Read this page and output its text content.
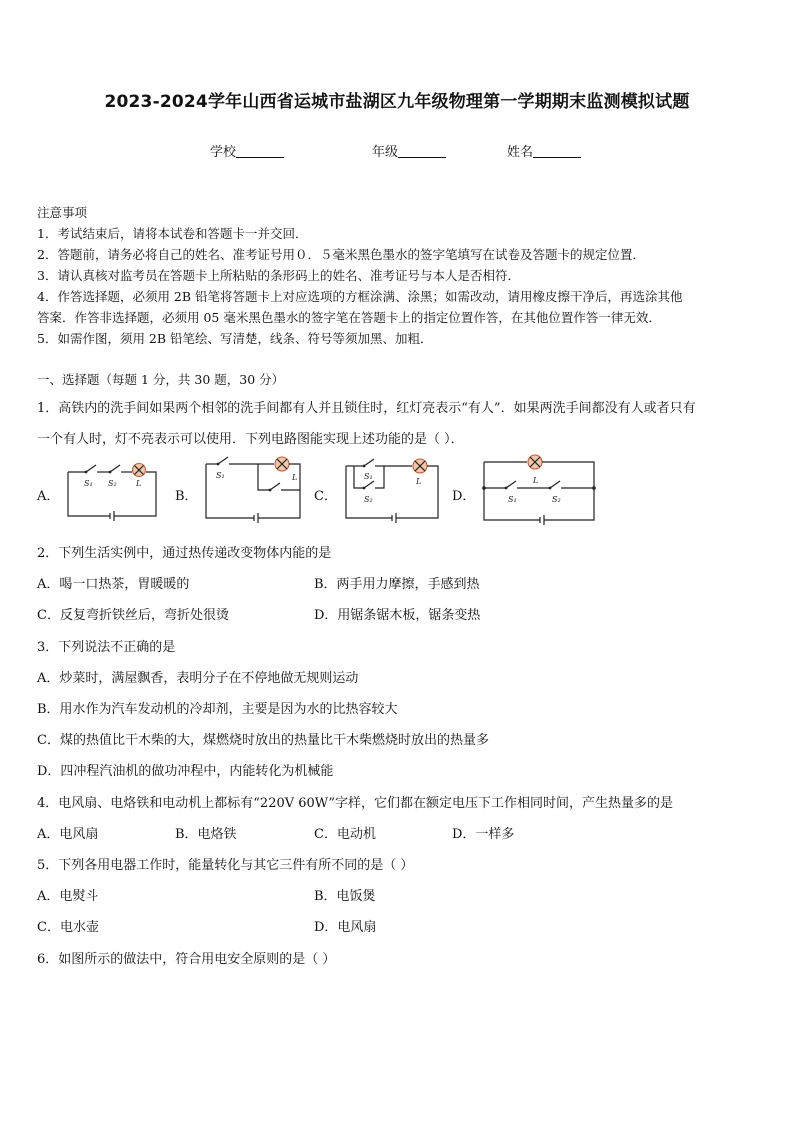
2023-2024学年山西省运城市盐湖区九年级物理第一学期期末监测模拟试题
学校	年级	姓名
注意事项
1．考试结束后，请将本试卷和答题卡一并交回．
2．答题前，请务必将自己的姓名、准考证号用０．５毫米黑色墨水的签字笔填写在试卷及答题卡的规定位置．
3．请认真核对监考员在答题卡上所粘贴的条形码上的姓名、准考证号与本人是否相符．
4．作答选择题，必须用 2B 铅笔将答题卡上对应选项的方框涂满、涂黑；如需改动，请用橡皮擦干净后，再选涂其他
答案．作答非选择题，必须用 05 毫米黑色墨水的签字笔在答题卡上的指定位置作答，在其他位置作答一律无效．
5．如需作图，须用 2B 铅笔绘、写清楚，线条、符号等须加黑、加粗．
一、选择题（每题 1 分，共 30 题，30 分）
1．高铁内的洗手间如果两个相邻的洗手间都有人并且锁住时，红灯亮表示“有人”．如果两洗手间都没有人或者只有
一个有人时，灯不亮表示可以使用．下列电路图能实现上述功能的是（ ）．
A．	B．	C．	D．
S₁ S₂ L
S₁	L	S₁
S₂
L	L
S₁	S₂
2．下列生活实例中，通过热传递改变物体内能的是
A．喝一口热茶，胃暖暖的	B．两手用力摩擦，手感到热
C．反复弯折铁丝后，弯折处很烫	D．用锯条锯木板，锯条变热
3．下列说法不正确的是
A．炒菜时，满屋飘香，表明分子在不停地做无规则运动
B．用水作为汽车发动机的冷却剂，主要是因为水的比热容较大
C．煤的热值比干木柴的大，煤燃烧时放出的热量比干木柴燃烧时放出的热量多
D．四冲程汽油机的做功冲程中，内能转化为机械能
4．电风扇、电烙铁和电动机上都标有“220V 60W”字样，它们都在额定电压下工作相同时间，产生热量多的是
A．电风扇	B．电烙铁	C．电动机	D．一样多
5．下列各用电器工作时，能量转化与其它三件有所不同的是（ ）
A．电熨斗	B．电饭煲
C．电水壶	D．电风扇
6．如图所示的做法中，符合用电安全原则的是（ ）
